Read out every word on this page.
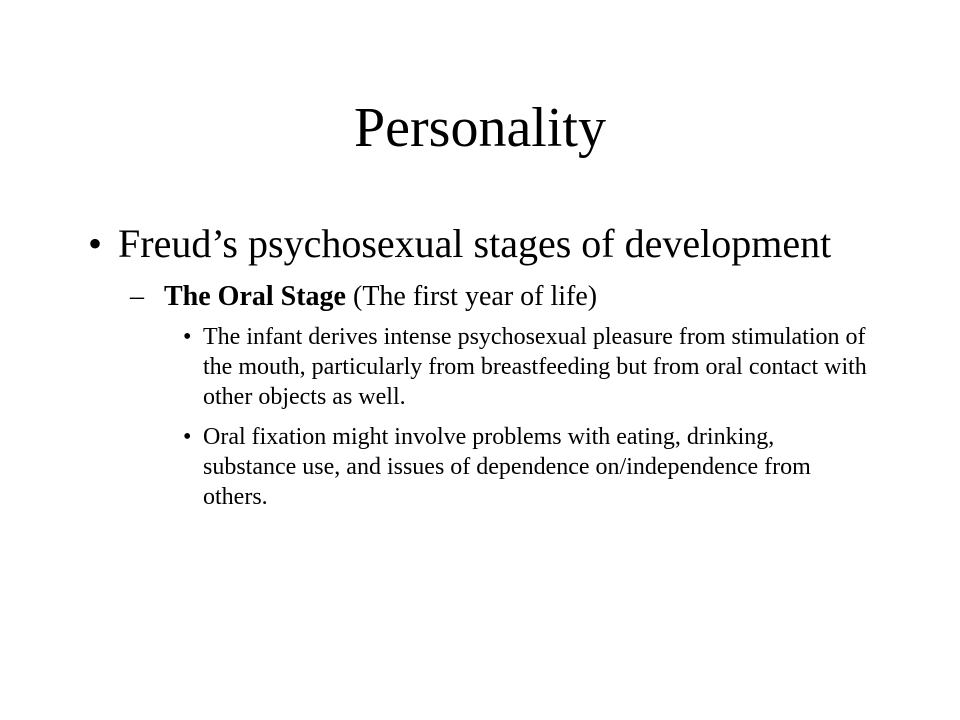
Personality
• Freud’s psychosexual stages of development
– The Oral Stage (The first year of life)
• The infant derives intense psychosexual pleasure from stimulation of the mouth, particularly from breastfeeding but from oral contact with other objects as well.
• Oral fixation might involve problems with eating, drinking, substance use, and issues of dependence on/independence from others.
